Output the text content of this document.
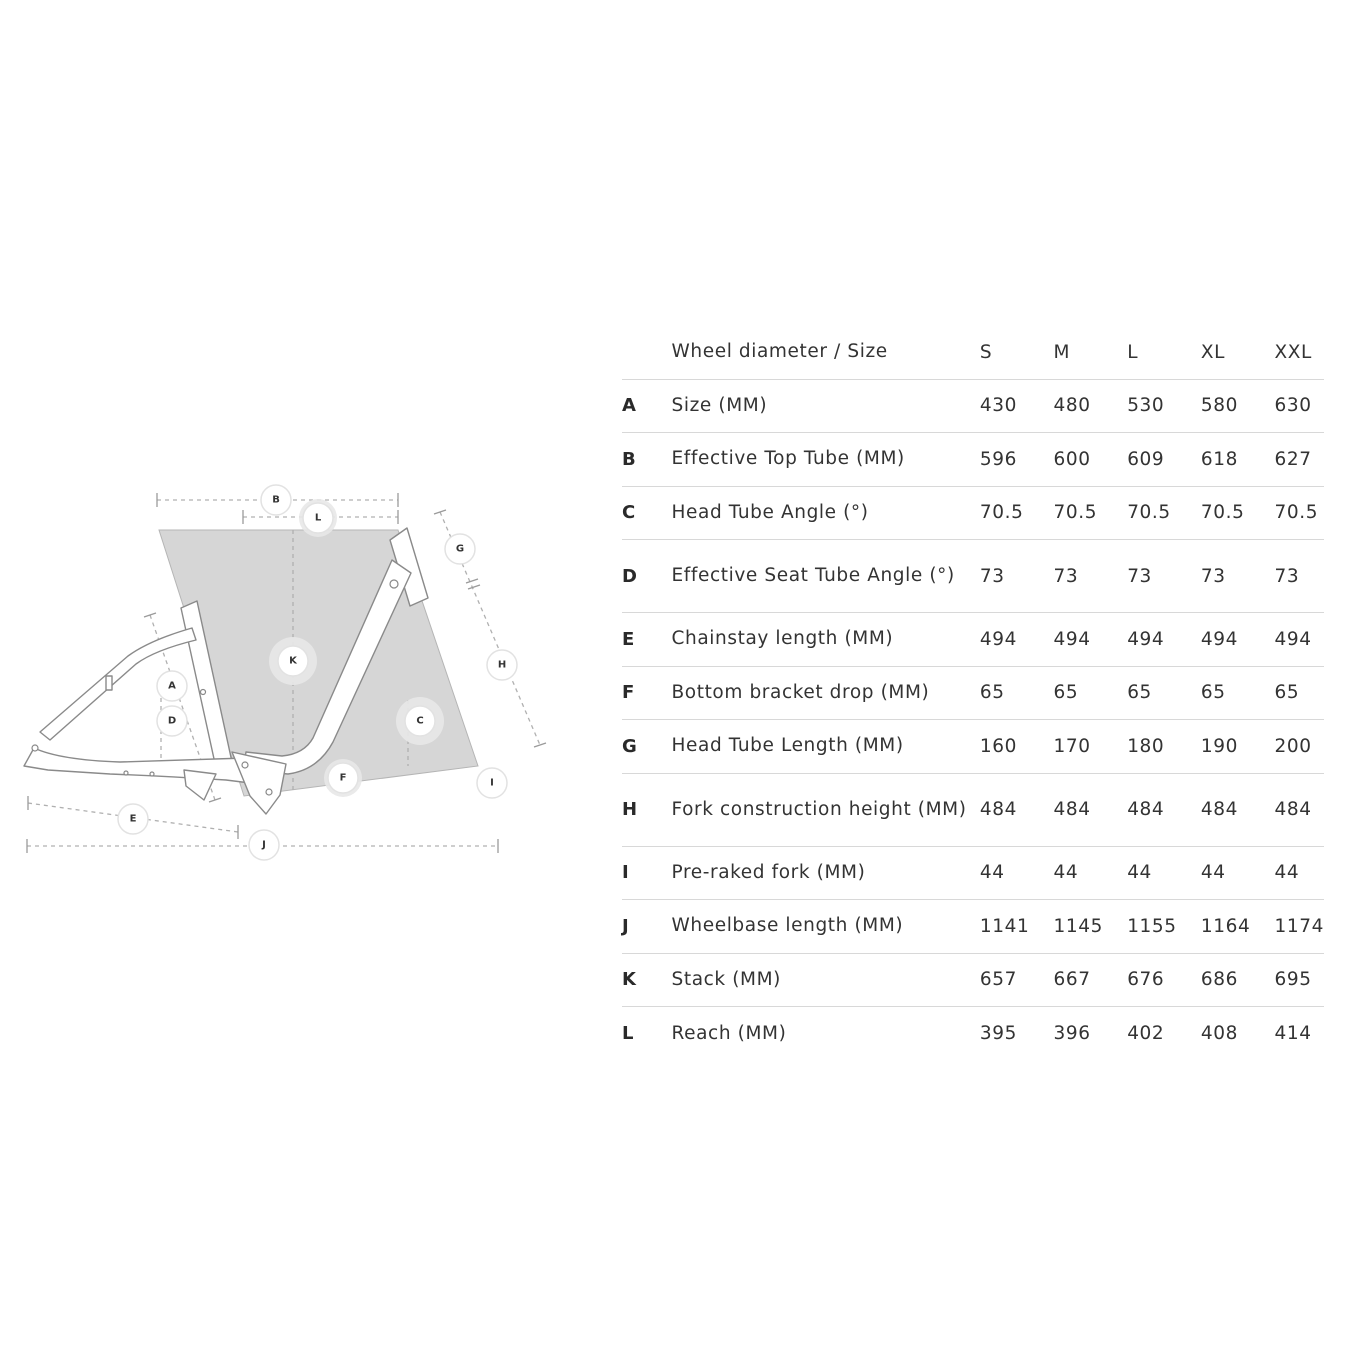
A
B
C
D
E
F
G
H
I
J
K
L
	Wheel diameter / Size	S	M	L	XL	XXL
A	Size (MM)	430	480	530	580	630
B	Effective Top Tube (MM)	596	600	609	618	627
C	Head Tube Angle (°)	70.5	70.5	70.5	70.5	70.5
D	Effective Seat Tube Angle (°)	73	73	73	73	73
E	Chainstay length (MM)	494	494	494	494	494
F	Bottom bracket drop (MM)	65	65	65	65	65
G	Head Tube Length (MM)	160	170	180	190	200
H	Fork construction height (MM)	484	484	484	484	484
I	Pre-raked fork (MM)	44	44	44	44	44
J	Wheelbase length (MM)	1141	1145	1155	1164	1174
K	Stack (MM)	657	667	676	686	695
L	Reach (MM)	395	396	402	408	414
